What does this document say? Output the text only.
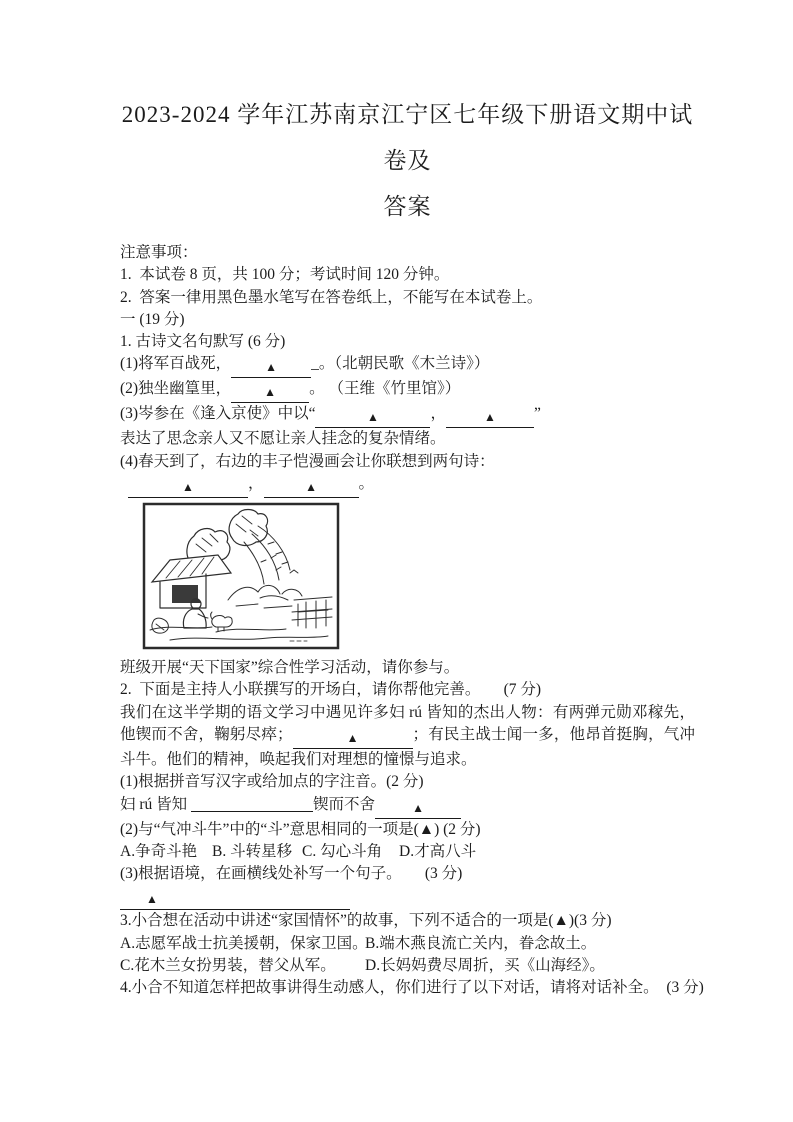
2023-2024 学年江苏南京江宁区七年级下册语文期中试卷及
答案

注意事项：

1.  本试卷 8 页，共 100 分；考试时间 120 分钟。

2.  答案一律用黑色墨水笔写在答卷纸上，不能写在本试卷上。

一 (19 分)

1. 古诗文名句默写 (6 分)

(1)将军百战死，	▲ _。（北朝民歌《木兰诗》）

(2)独坐幽篁里，	▲ 。 （王维《竹里馆》）

(3)岑参在《逢入京使》中以“	▲	，	▲ ”

表达了思念亲人又不愿让亲人挂念的复杂情绪。

(4)春天到了，右边的丰子恺漫画会让你联想到两句诗：

▲	，	▲	。

班级开展“天下国家”综合性学习活动，请你参与。

2.  下面是主持人小联撰写的开场白，请你帮他完善。　　(7 分)

我们在这半学期的语文学习中遇见许多妇 rú 皆知的杰出人物：有两弹元勋邓稼先，他锲而不舍，鞠躬尽瘁；	▲	；有民主战士闻一多，他昂首挺胸，气冲斗牛。他们的精神，唤起我们对理想的憧憬与追求。

(1)根据拼音写汉字或给加点的字注音。(2 分)

妇 rú 皆知	锲而不舍	▲

(2)与“气冲斗牛”中的“斗”意思相同的一项是(▲) (2 分)

A.争奇斗艳 B. 斗转星移 C. 勾心斗角 D.才高八斗

(3)根据语境，在画横线处补写一个句子。　　(3 分)

▲

3.小合想在活动中讲述“家国情怀”的故事，下列不适合的一项是(▲)(3 分)

A.志愿军战士抗美援朝，保家卫国。B.端木燕良流亡关内，眷念故土。

C.花木兰女扮男装，替父从军。 D.长妈妈费尽周折，买《山海经》。

4.小合不知道怎样把故事讲得生动感人，你们进行了以下对话，请将对话补全。　(3 分)
